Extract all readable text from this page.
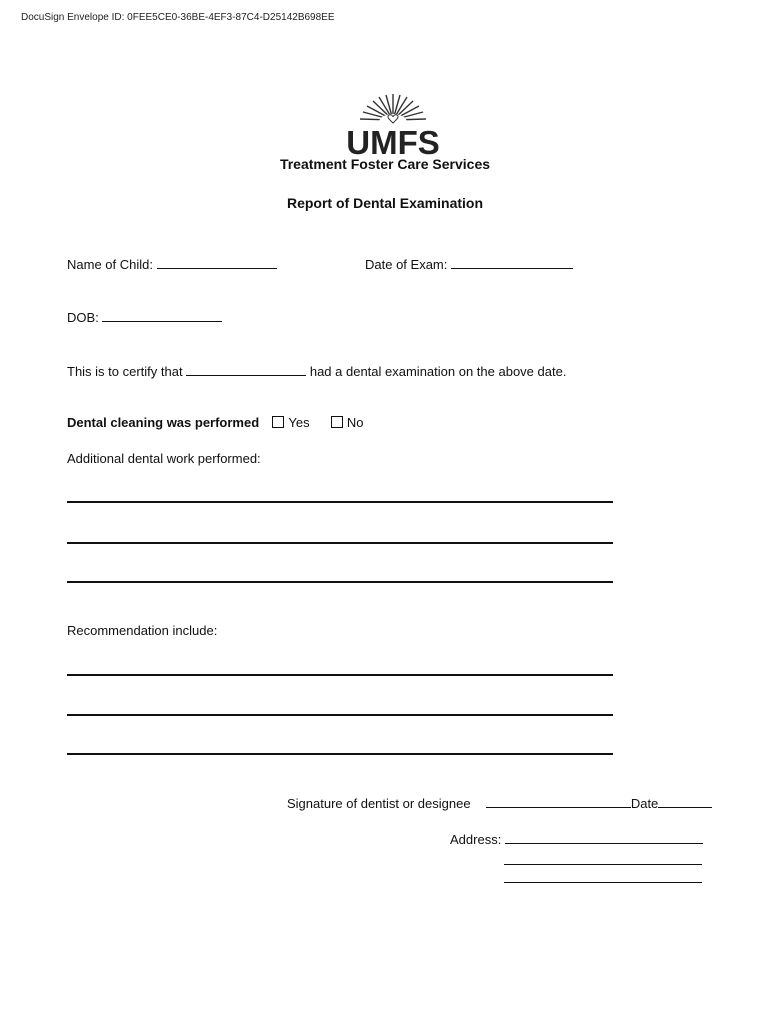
DocuSign Envelope ID: 0FEE5CE0-36BE-4EF3-87C4-D25142B698EE
UMFS
Treatment Foster Care Services
Report of Dental Examination
Name of Child:	Date of Exam:
DOB:
This is to certify that	had a dental examination on the above date.
Dental cleaning was performed Yes	No
Additional dental work performed:
Recommendation include:
Signature of dentist or designee	Date
Address:
